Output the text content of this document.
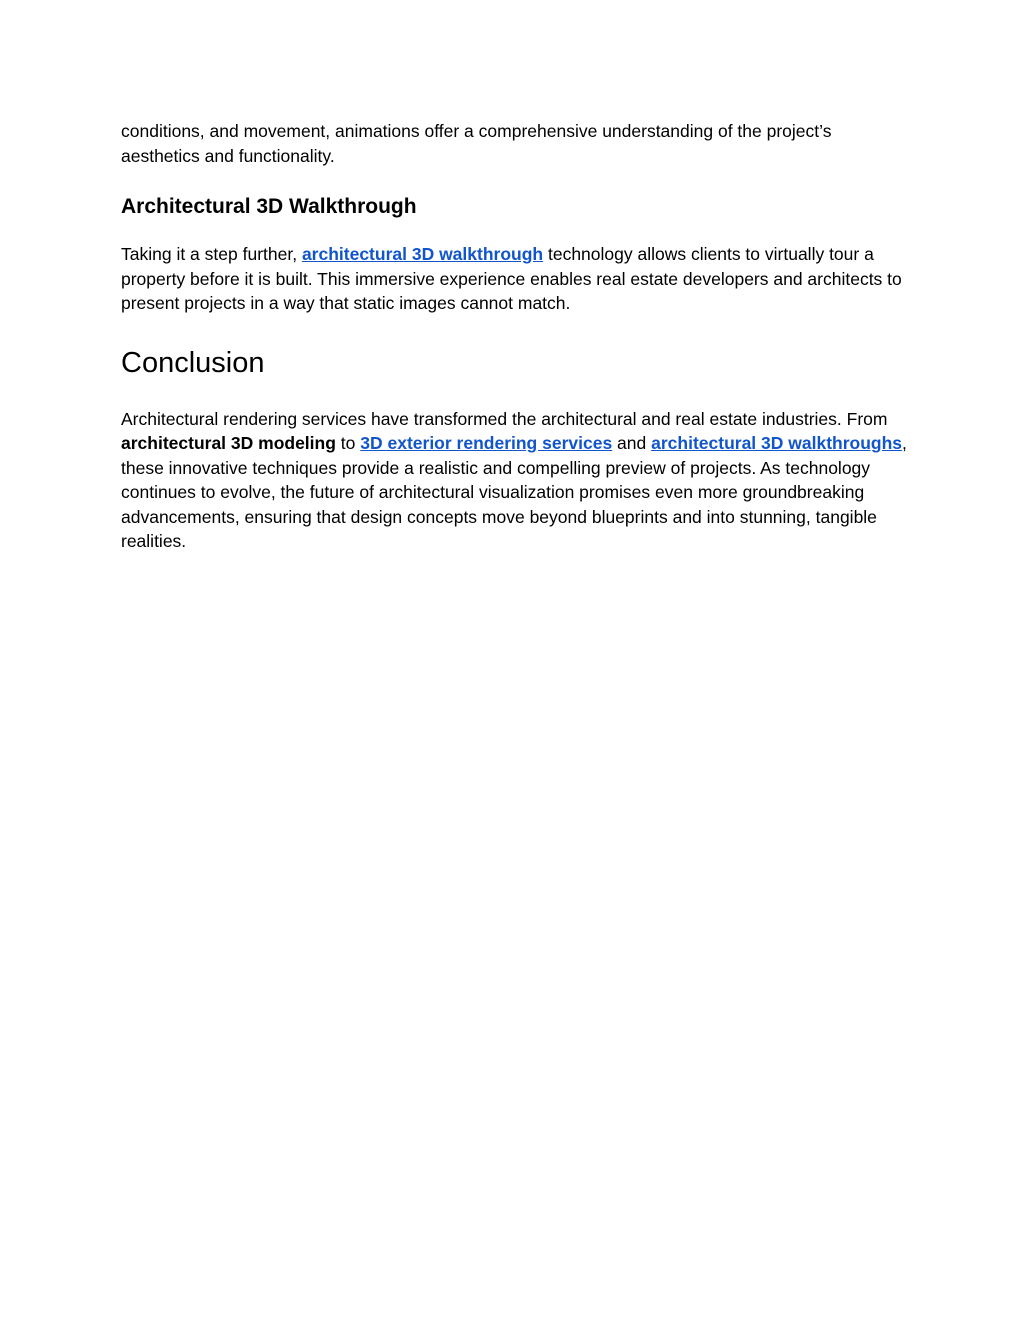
conditions, and movement, animations offer a comprehensive understanding of the project’s aesthetics and functionality.

Architectural 3D Walkthrough

Taking it a step further, architectural 3D walkthrough technology allows clients to virtually tour a property before it is built. This immersive experience enables real estate developers and architects to present projects in a way that static images cannot match.

Conclusion

Architectural rendering services have transformed the architectural and real estate industries. From architectural 3D modeling to 3D exterior rendering services and architectural 3D walkthroughs, these innovative techniques provide a realistic and compelling preview of projects. As technology continues to evolve, the future of architectural visualization promises even more groundbreaking advancements, ensuring that design concepts move beyond blueprints and into stunning, tangible realities.
